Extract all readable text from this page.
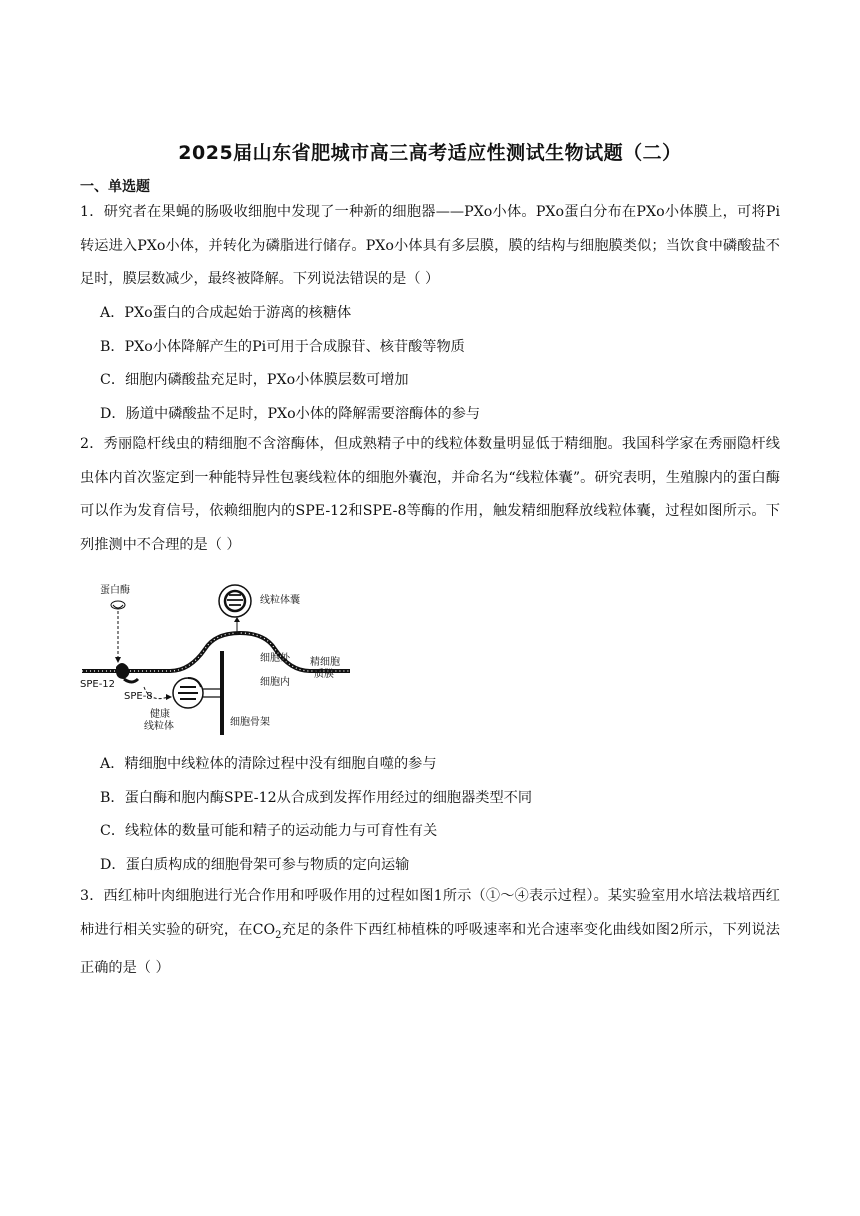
2025届山东省肥城市高三高考适应性测试生物试题（二）
一、单选题
1．研究者在果蝇的肠吸收细胞中发现了一种新的细胞器——PXo小体。PXo蛋白分布在PXo小体膜上，可将Pi转运进入PXo小体，并转化为磷脂进行储存。PXo小体具有多层膜，膜的结构与细胞膜类似；当饮食中磷酸盐不足时，膜层数减少，最终被降解。下列说法错误的是（ ）
A．PXo蛋白的合成起始于游离的核糖体
B．PXo小体降解产生的Pi可用于合成腺苷、核苷酸等物质
C．细胞内磷酸盐充足时，PXo小体膜层数可增加
D．肠道中磷酸盐不足时，PXo小体的降解需要溶酶体的参与
2．秀丽隐杆线虫的精细胞不含溶酶体，但成熟精子中的线粒体数量明显低于精细胞。我国科学家在秀丽隐杆线虫体内首次鉴定到一种能特异性包裹线粒体的细胞外囊泡，并命名为“线粒体囊”。研究表明，生殖腺内的蛋白酶可以作为发育信号，依赖细胞内的SPE-12和SPE-8等酶的作用，触发精细胞释放线粒体囊，过程如图所示。下列推测中不合理的是（ ）
蛋白酶
SPE-12
SPE-8
线粒体囊
细胞外 精细胞
质膜
细胞内
健康
线粒体	细胞骨架
A．精细胞中线粒体的清除过程中没有细胞自噬的参与
B．蛋白酶和胞内酶SPE-12从合成到发挥作用经过的细胞器类型不同
C．线粒体的数量可能和精子的运动能力与可育性有关
D．蛋白质构成的细胞骨架可参与物质的定向运输
3．西红柿叶肉细胞进行光合作用和呼吸作用的过程如图1所示（①～④表示过程）。某实验室用水培法栽培西红柿进行相关实验的研究，在$CO_2$充足的条件下西红柿植株的呼吸速率和光合速率变化曲线如图2所示，下列说法正确的是（ ）
